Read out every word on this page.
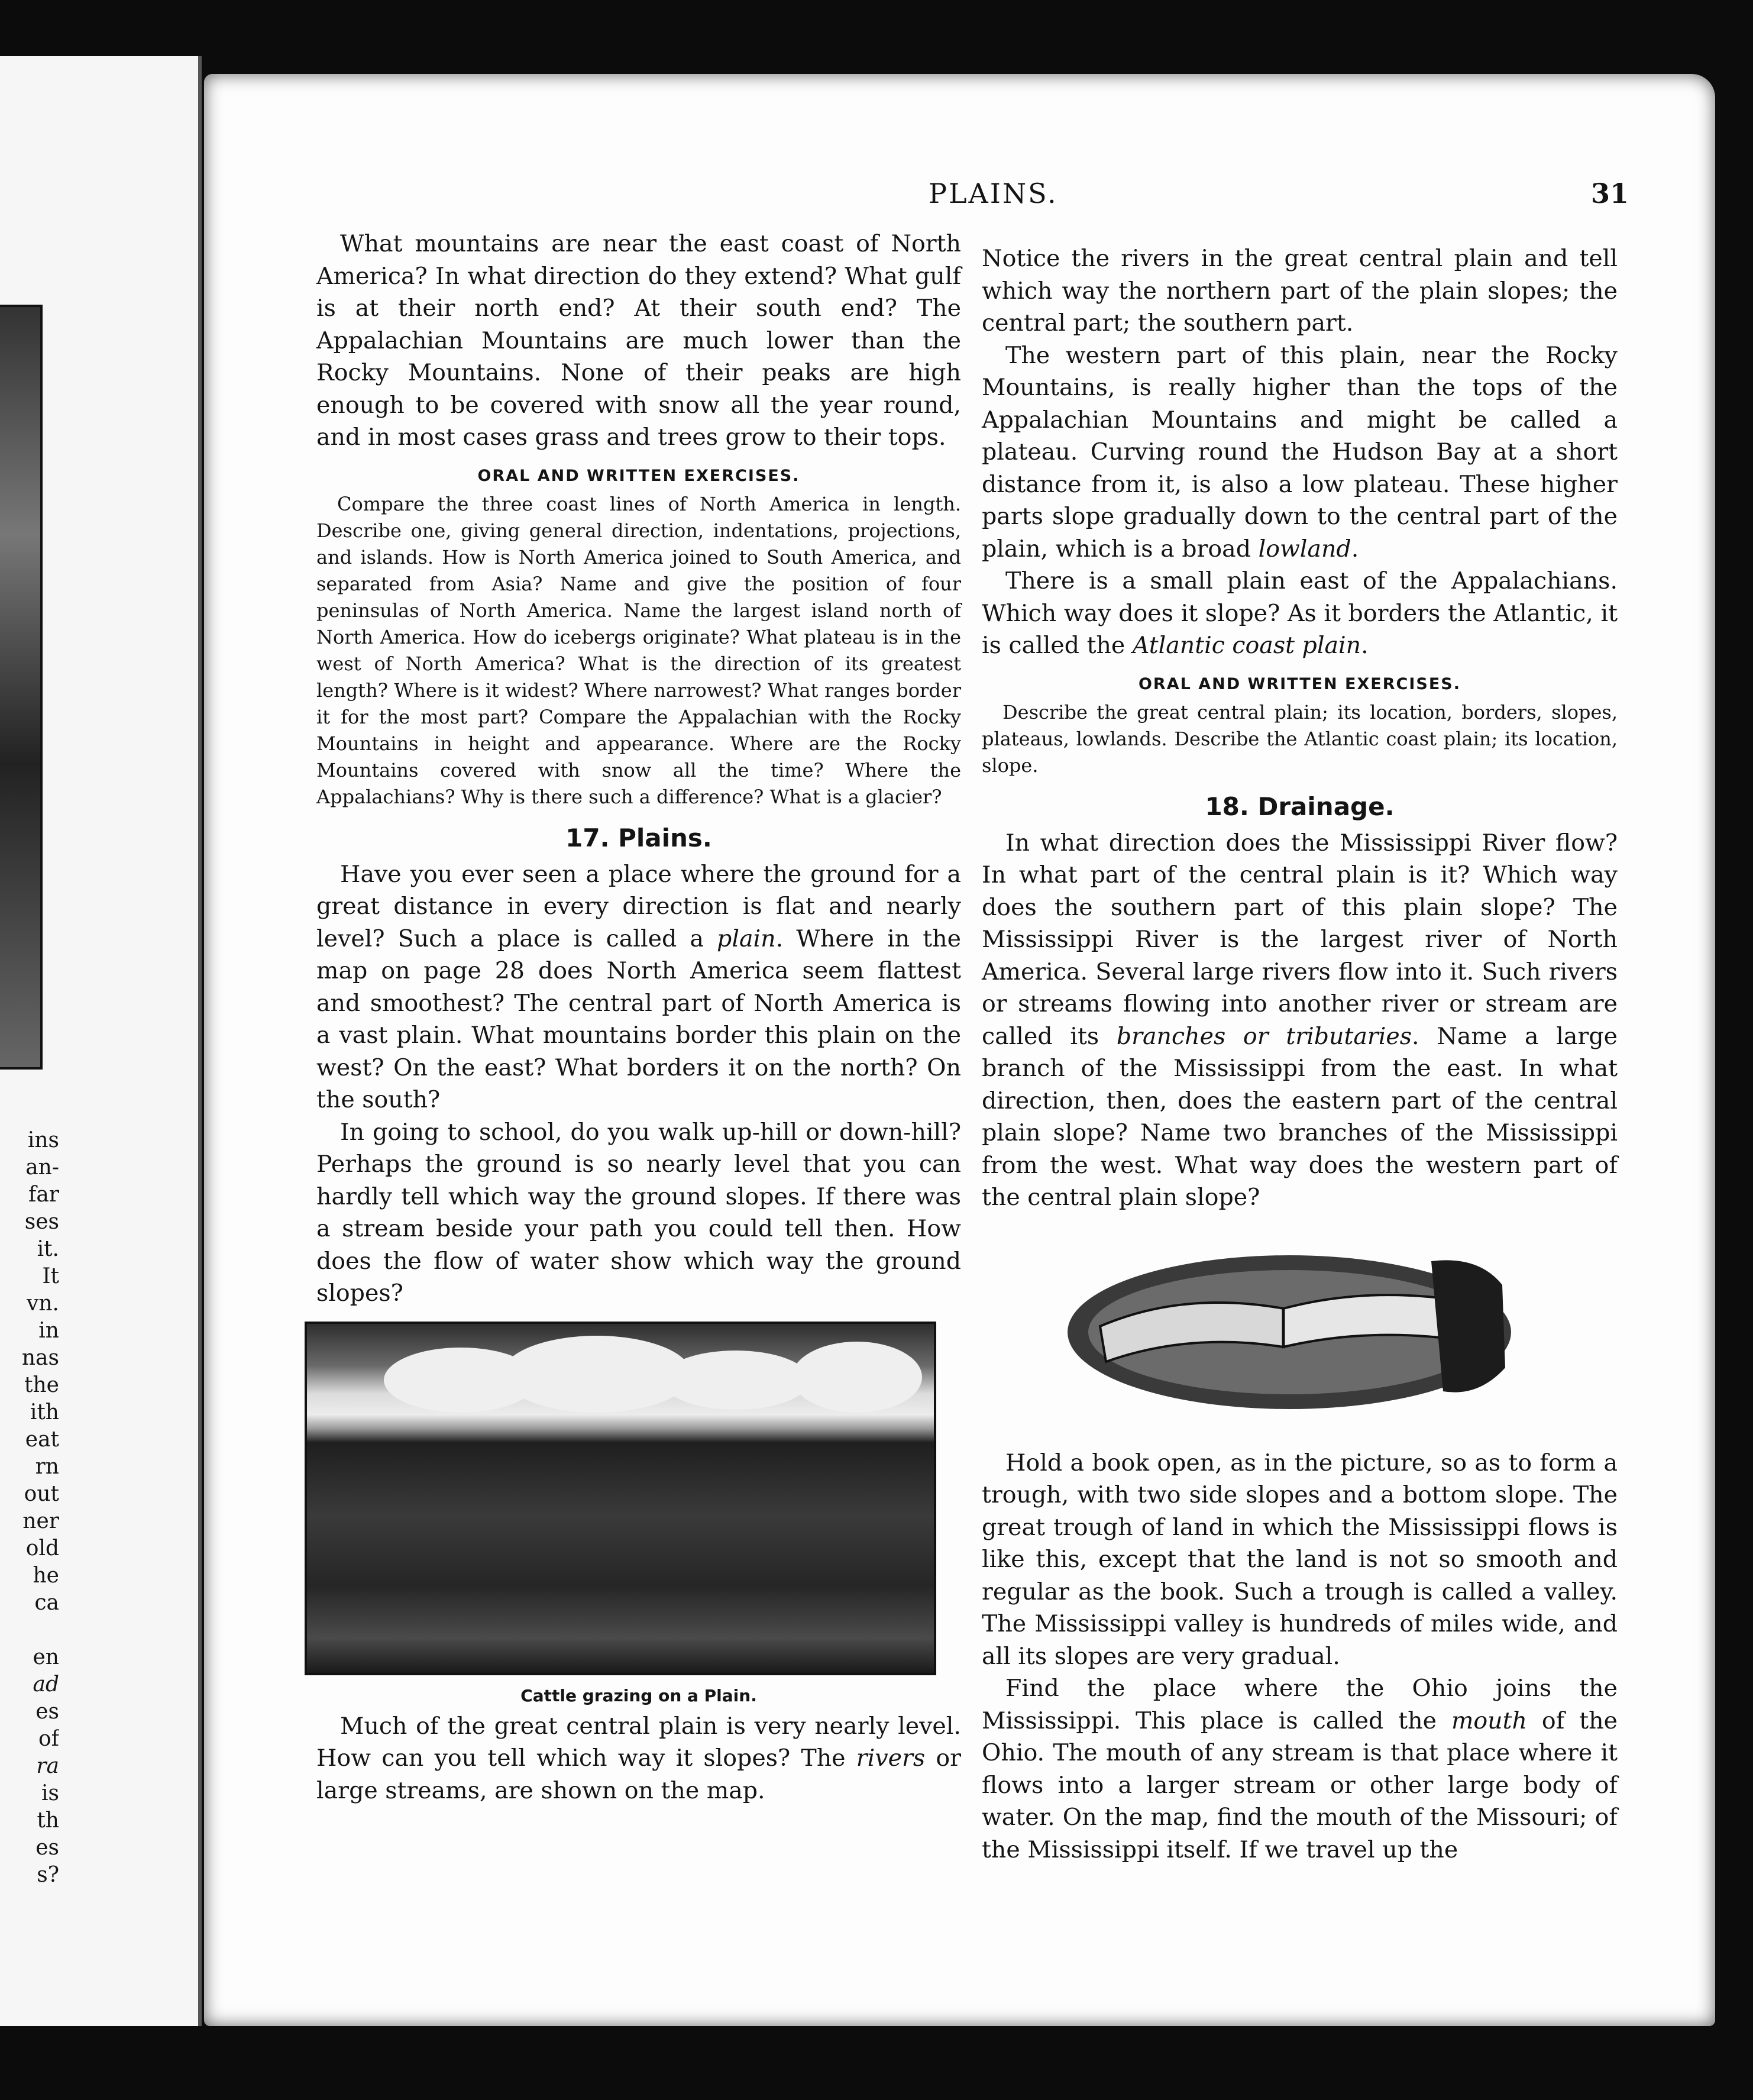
ins
an-
far
ses
it.
It
vn.
in
nas
the
ith
eat
rn
out
ner
old
he
ca
en
ad
es
of
ra
is
th
es
s?
PLAINS.	31

What mountains are near the east coast of North America? In what direction do they extend? What gulf is at their north end? At their south end? The Appalachian Mountains are much lower than the Rocky Mountains. None of their peaks are high enough to be covered with snow all the year round, and in most cases grass and trees grow to their tops.

ORAL AND WRITTEN EXERCISES.

Compare the three coast lines of North America in length. Describe one, giving general direction, indentations, projections, and islands. How is North America joined to South America, and separated from Asia? Name and give the position of four peninsulas of North America. Name the largest island north of North America. How do icebergs originate? What plateau is in the west of North America? What is the direction of its greatest length? Where is it widest? Where narrowest? What ranges border it for the most part? Compare the Appalachian with the Rocky Mountains in height and appearance. Where are the Rocky Mountains covered with snow all the time? Where the Appalachians? Why is there such a difference? What is a glacier?

17. Plains.

Have you ever seen a place where the ground for a great distance in every direction is flat and nearly level? Such a place is called a plain. Where in the map on page 28 does North America seem flattest and smoothest? The central part of North America is a vast plain. What mountains border this plain on the west? On the east? What borders it on the north? On the south?

In going to school, do you walk up-hill or down-hill? Perhaps the ground is so nearly level that you can hardly tell which way the ground slopes. If there was a stream beside your path you could tell then. How does the flow of water show which way the ground slopes?

Cattle grazing on a Plain.

Much of the great central plain is very nearly level. How can you tell which way it slopes? The rivers or large streams, are shown on the map.

Notice the rivers in the great central plain and tell which way the northern part of the plain slopes; the central part; the southern part.

The western part of this plain, near the Rocky Mountains, is really higher than the tops of the Appalachian Mountains and might be called a plateau. Curving round the Hudson Bay at a short distance from it, is also a low plateau. These higher parts slope gradually down to the central part of the plain, which is a broad lowland.

There is a small plain east of the Appalachians. Which way does it slope? As it borders the Atlantic, it is called the Atlantic coast plain.

ORAL AND WRITTEN EXERCISES.

Describe the great central plain; its location, borders, slopes, plateaus, lowlands. Describe the Atlantic coast plain; its location, slope.

18. Drainage.

In what direction does the Mississippi River flow? In what part of the central plain is it? Which way does the southern part of this plain slope? The Mississippi River is the largest river of North America. Several large rivers flow into it. Such rivers or streams flowing into another river or stream are called its branches or tributaries. Name a large branch of the Mississippi from the east. In what direction, then, does the eastern part of the central plain slope? Name two branches of the Mississippi from the west. What way does the western part of the central plain slope?

Hold a book open, as in the picture, so as to form a trough, with two side slopes and a bottom slope. The great trough of land in which the Mississippi flows is like this, except that the land is not so smooth and regular as the book. Such a trough is called a valley. The Mississippi valley is hundreds of miles wide, and all its slopes are very gradual.

Find the place where the Ohio joins the Mississippi. This place is called the mouth of the Ohio. The mouth of any stream is that place where it flows into a larger stream or other large body of water. On the map, find the mouth of the Missouri; of the Mississippi itself. If we travel up the
